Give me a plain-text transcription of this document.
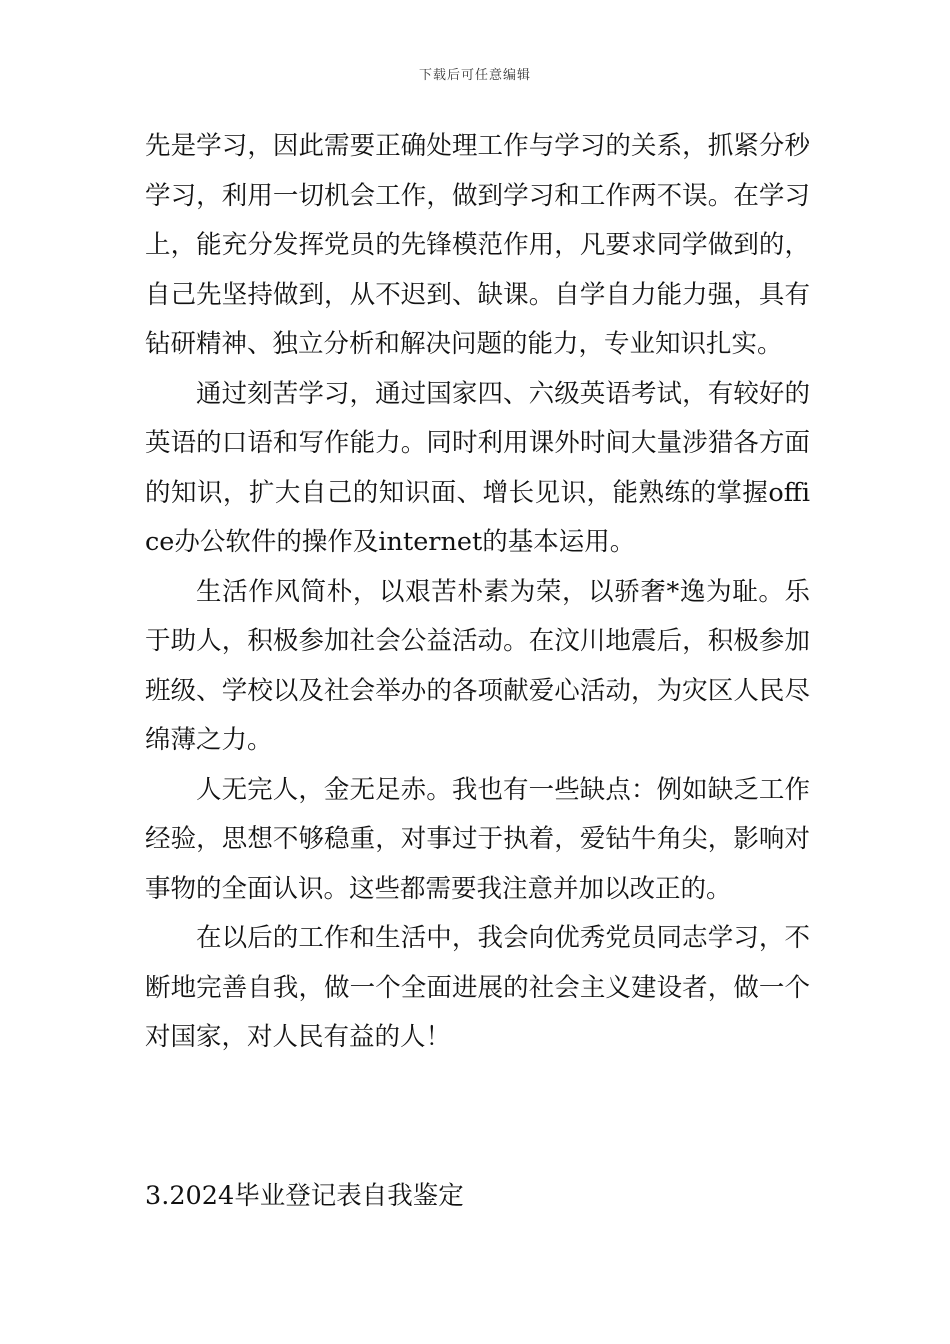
下载后可任意编辑

先是学习，因此需要正确处理工作与学习的关系，抓紧分秒学习，利用一切机会工作，做到学习和工作两不误。在学习上，能充分发挥党员的先锋模范作用，凡要求同学做到的，自己先坚持做到，从不迟到、缺课。自学自力能力强，具有钻研精神、独立分析和解决问题的能力，专业知识扎实。

通过刻苦学习，通过国家四、六级英语考试，有较好的英语的口语和写作能力。同时利用课外时间大量涉猎各方面的知识，扩大自己的知识面、增长见识，能熟练的掌握office办公软件的操作及internet的基本运用。

生活作风简朴，以艰苦朴素为荣，以骄奢*逸为耻。乐于助人，积极参加社会公益活动。在汶川地震后，积极参加班级、学校以及社会举办的各项献爱心活动，为灾区人民尽绵薄之力。

人无完人，金无足赤。我也有一些缺点：例如缺乏工作经验，思想不够稳重，对事过于执着，爱钻牛角尖，影响对事物的全面认识。这些都需要我注意并加以改正的。

在以后的工作和生活中，我会向优秀党员同志学习，不断地完善自我，做一个全面进展的社会主义建设者，做一个对国家，对人民有益的人！

3.2024毕业登记表自我鉴定
